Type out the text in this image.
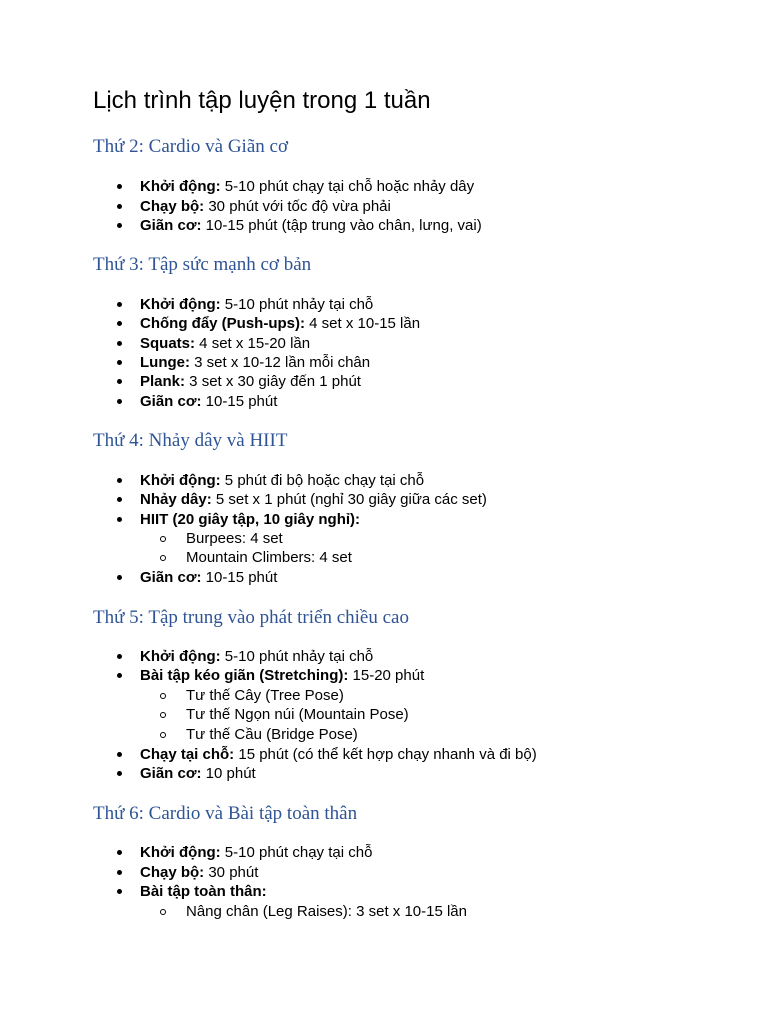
Lịch trình tập luyện trong 1 tuần
Thứ 2: Cardio và Giãn cơ
Khởi động: 5-10 phút chạy tại chỗ hoặc nhảy dây
Chạy bộ: 30 phút với tốc độ vừa phải
Giãn cơ: 10-15 phút (tập trung vào chân, lưng, vai)
Thứ 3: Tập sức mạnh cơ bản
Khởi động: 5-10 phút nhảy tại chỗ
Chống đẩy (Push-ups): 4 set x 10-15 lần
Squats: 4 set x 15-20 lần
Lunge: 3 set x 10-12 lần mỗi chân
Plank: 3 set x 30 giây đến 1 phút
Giãn cơ: 10-15 phút
Thứ 4: Nhảy dây và HIIT
Khởi động: 5 phút đi bộ hoặc chạy tại chỗ
Nhảy dây: 5 set x 1 phút (nghỉ 30 giây giữa các set)
HIIT (20 giây tập, 10 giây nghỉ):
Burpees: 4 set
Mountain Climbers: 4 set
Giãn cơ: 10-15 phút
Thứ 5: Tập trung vào phát triển chiều cao
Khởi động: 5-10 phút nhảy tại chỗ
Bài tập kéo giãn (Stretching): 15-20 phút
Tư thế Cây (Tree Pose)
Tư thế Ngọn núi (Mountain Pose)
Tư thế Cầu (Bridge Pose)
Chạy tại chỗ: 15 phút (có thể kết hợp chạy nhanh và đi bộ)
Giãn cơ: 10 phút
Thứ 6: Cardio và Bài tập toàn thân
Khởi động: 5-10 phút chạy tại chỗ
Chạy bộ: 30 phút
Bài tập toàn thân:
Nâng chân (Leg Raises): 3 set x 10-15 lần
